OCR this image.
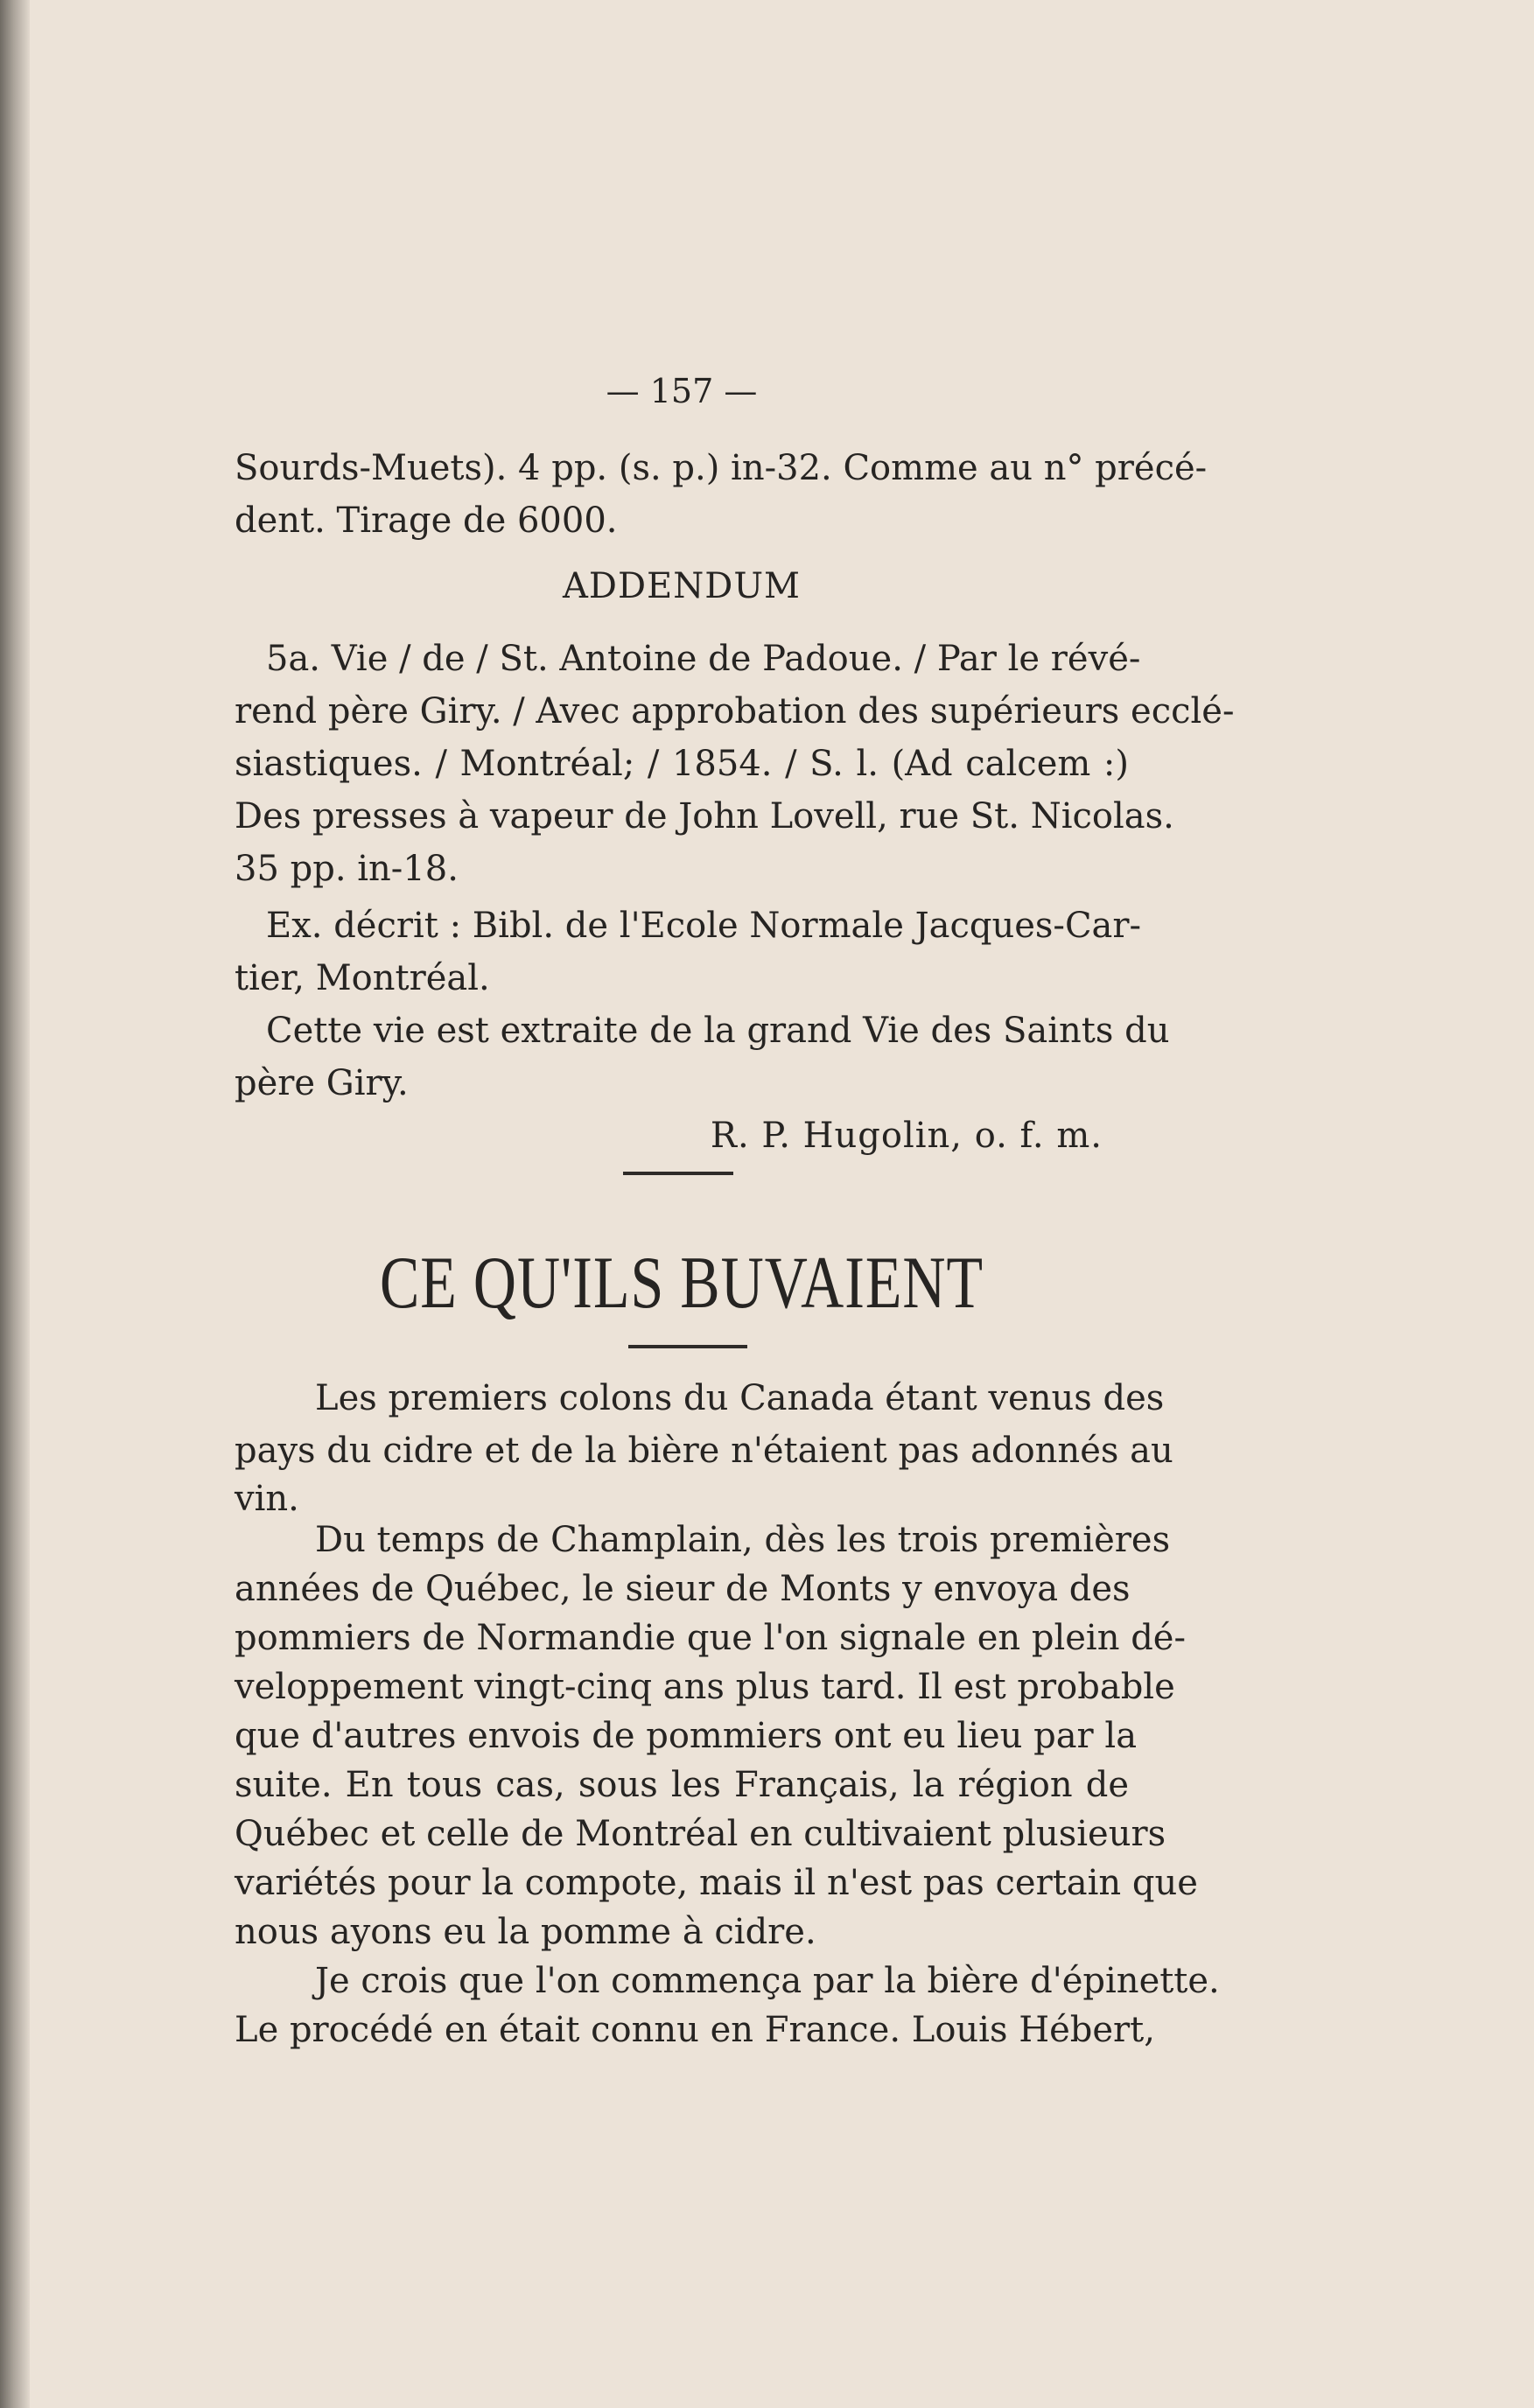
— 157 —
Sourds-Muets). 4 pp. (s. p.) in-32. Comme au n° précé-
dent. Tirage de 6000.
ADDENDUM
5a. Vie / de / St. Antoine de Padoue. / Par le révé-
rend père Giry. / Avec approbation des supérieurs ecclé-
siastiques. / Montréal; / 1854. / S. l. (Ad calcem :)
Des presses à vapeur de John Lovell, rue St. Nicolas.
35 pp. in-18.
Ex. décrit : Bibl. de l'Ecole Normale Jacques-Car-
tier, Montréal.
Cette vie est extraite de la grand Vie des Saints du
père Giry.
R. P. Hugolin, o. f. m.
CE QU'ILS BUVAIENT
Les premiers colons du Canada étant venus des
pays du cidre et de la bière n'étaient pas adonnés au
vin.
Du temps de Champlain, dès les trois premières
années de Québec, le sieur de Monts y envoya des
pommiers de Normandie que l'on signale en plein dé-
veloppement vingt-cinq ans plus tard. Il est probable
que d'autres envois de pommiers ont eu lieu par la
suite. En tous cas, sous les Français, la région de
Québec et celle de Montréal en cultivaient plusieurs
variétés pour la compote, mais il n'est pas certain que
nous ayons eu la pomme à cidre.
Je crois que l'on commença par la bière d'épinette.
Le procédé en était connu en France. Louis Hébert,
